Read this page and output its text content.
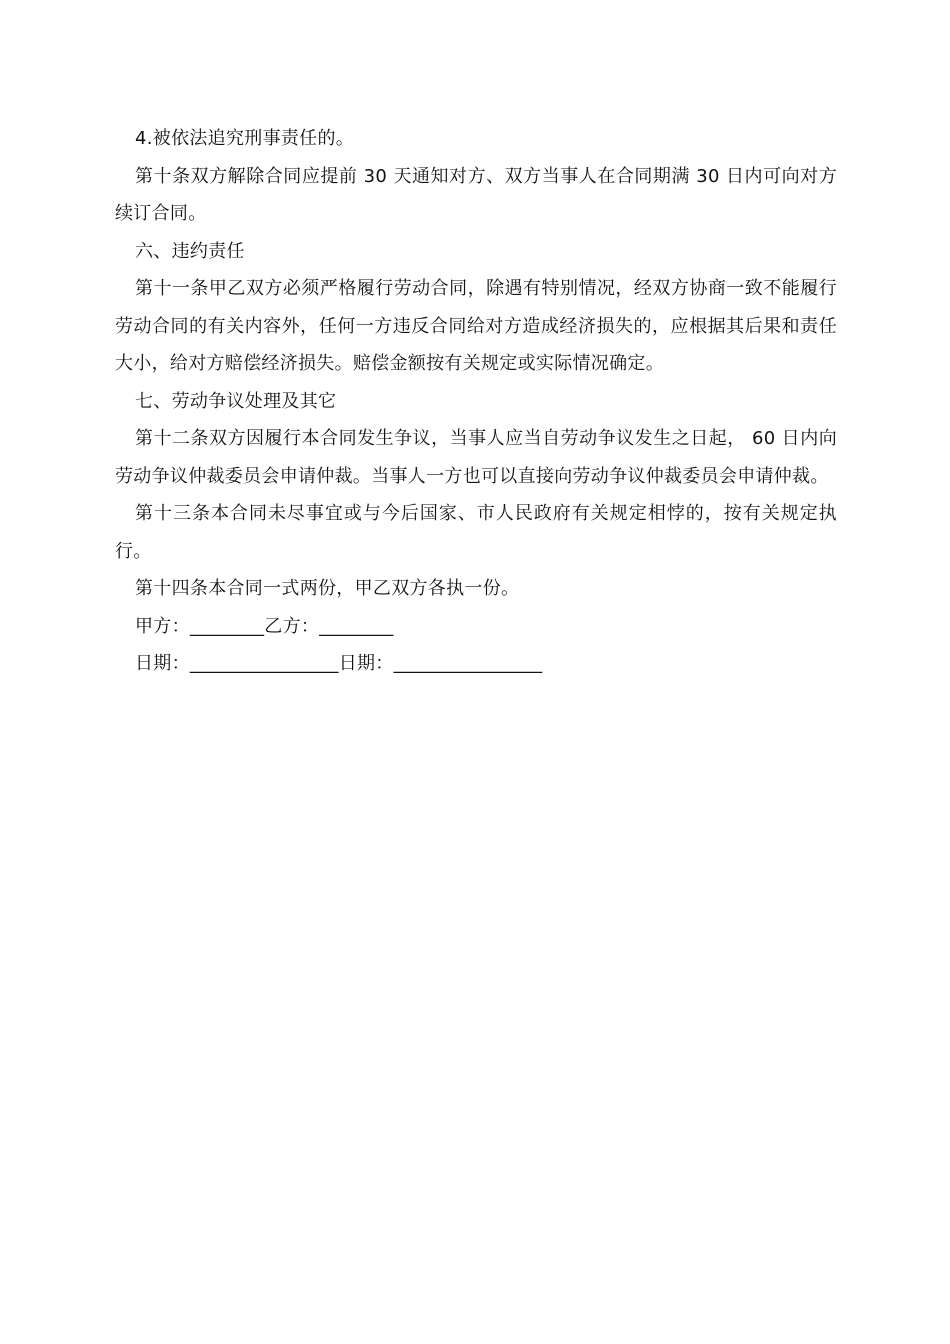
4.被依法追究刑事责任的。

第十条双方解除合同应提前 30 天通知对方、双方当事人在合同期满 30 日内可向对方续订合同。

六、违约责任

第十一条甲乙双方必须严格履行劳动合同，除遇有特别情况，经双方协商一致不能履行劳动合同的有关内容外，任何一方违反合同给对方造成经济损失的，应根据其后果和责任大小，给对方赔偿经济损失。赔偿金额按有关规定或实际情况确定。

七、劳动争议处理及其它

第十二条双方因履行本合同发生争议，当事人应当自劳动争议发生之日起， 60 日内向劳动争议仲裁委员会申请仲裁。当事人一方也可以直接向劳动争议仲裁委员会申请仲裁。

第十三条本合同未尽事宜或与今后国家、市人民政府有关规定相悖的，按有关规定执行。

第十四条本合同一式两份，甲乙双方各执一份。

甲方：________乙方：________

日期：________________日期：________________
